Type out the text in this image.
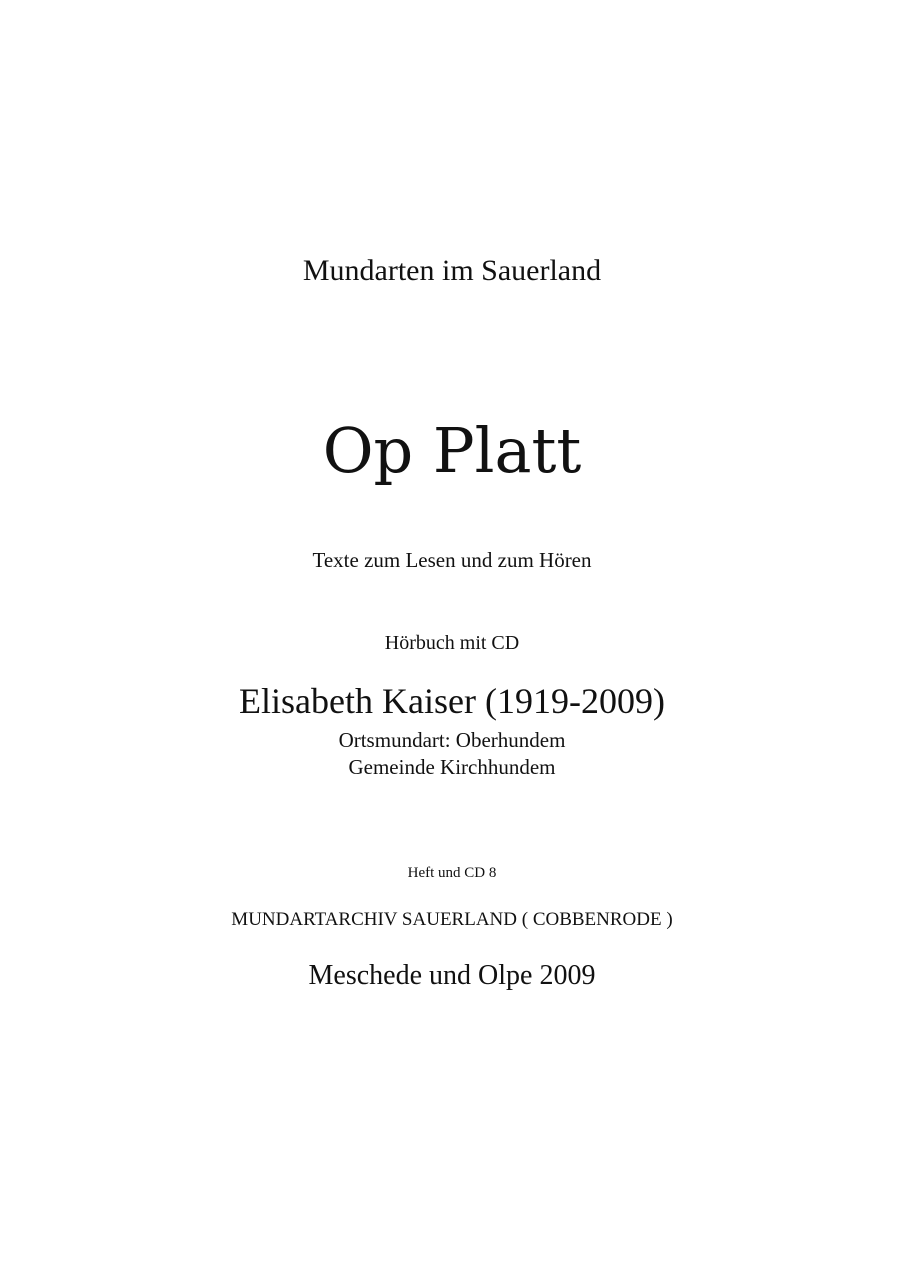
Mundarten im Sauerland
Op Platt
Texte zum Lesen und zum Hören
Hörbuch mit CD
Elisabeth Kaiser (1919-2009)
Ortsmundart: Oberhundem
Gemeinde Kirchhundem
Heft und CD 8
MUNDARTARCHIV SAUERLAND ( COBBENRODE )
Meschede und Olpe 2009
